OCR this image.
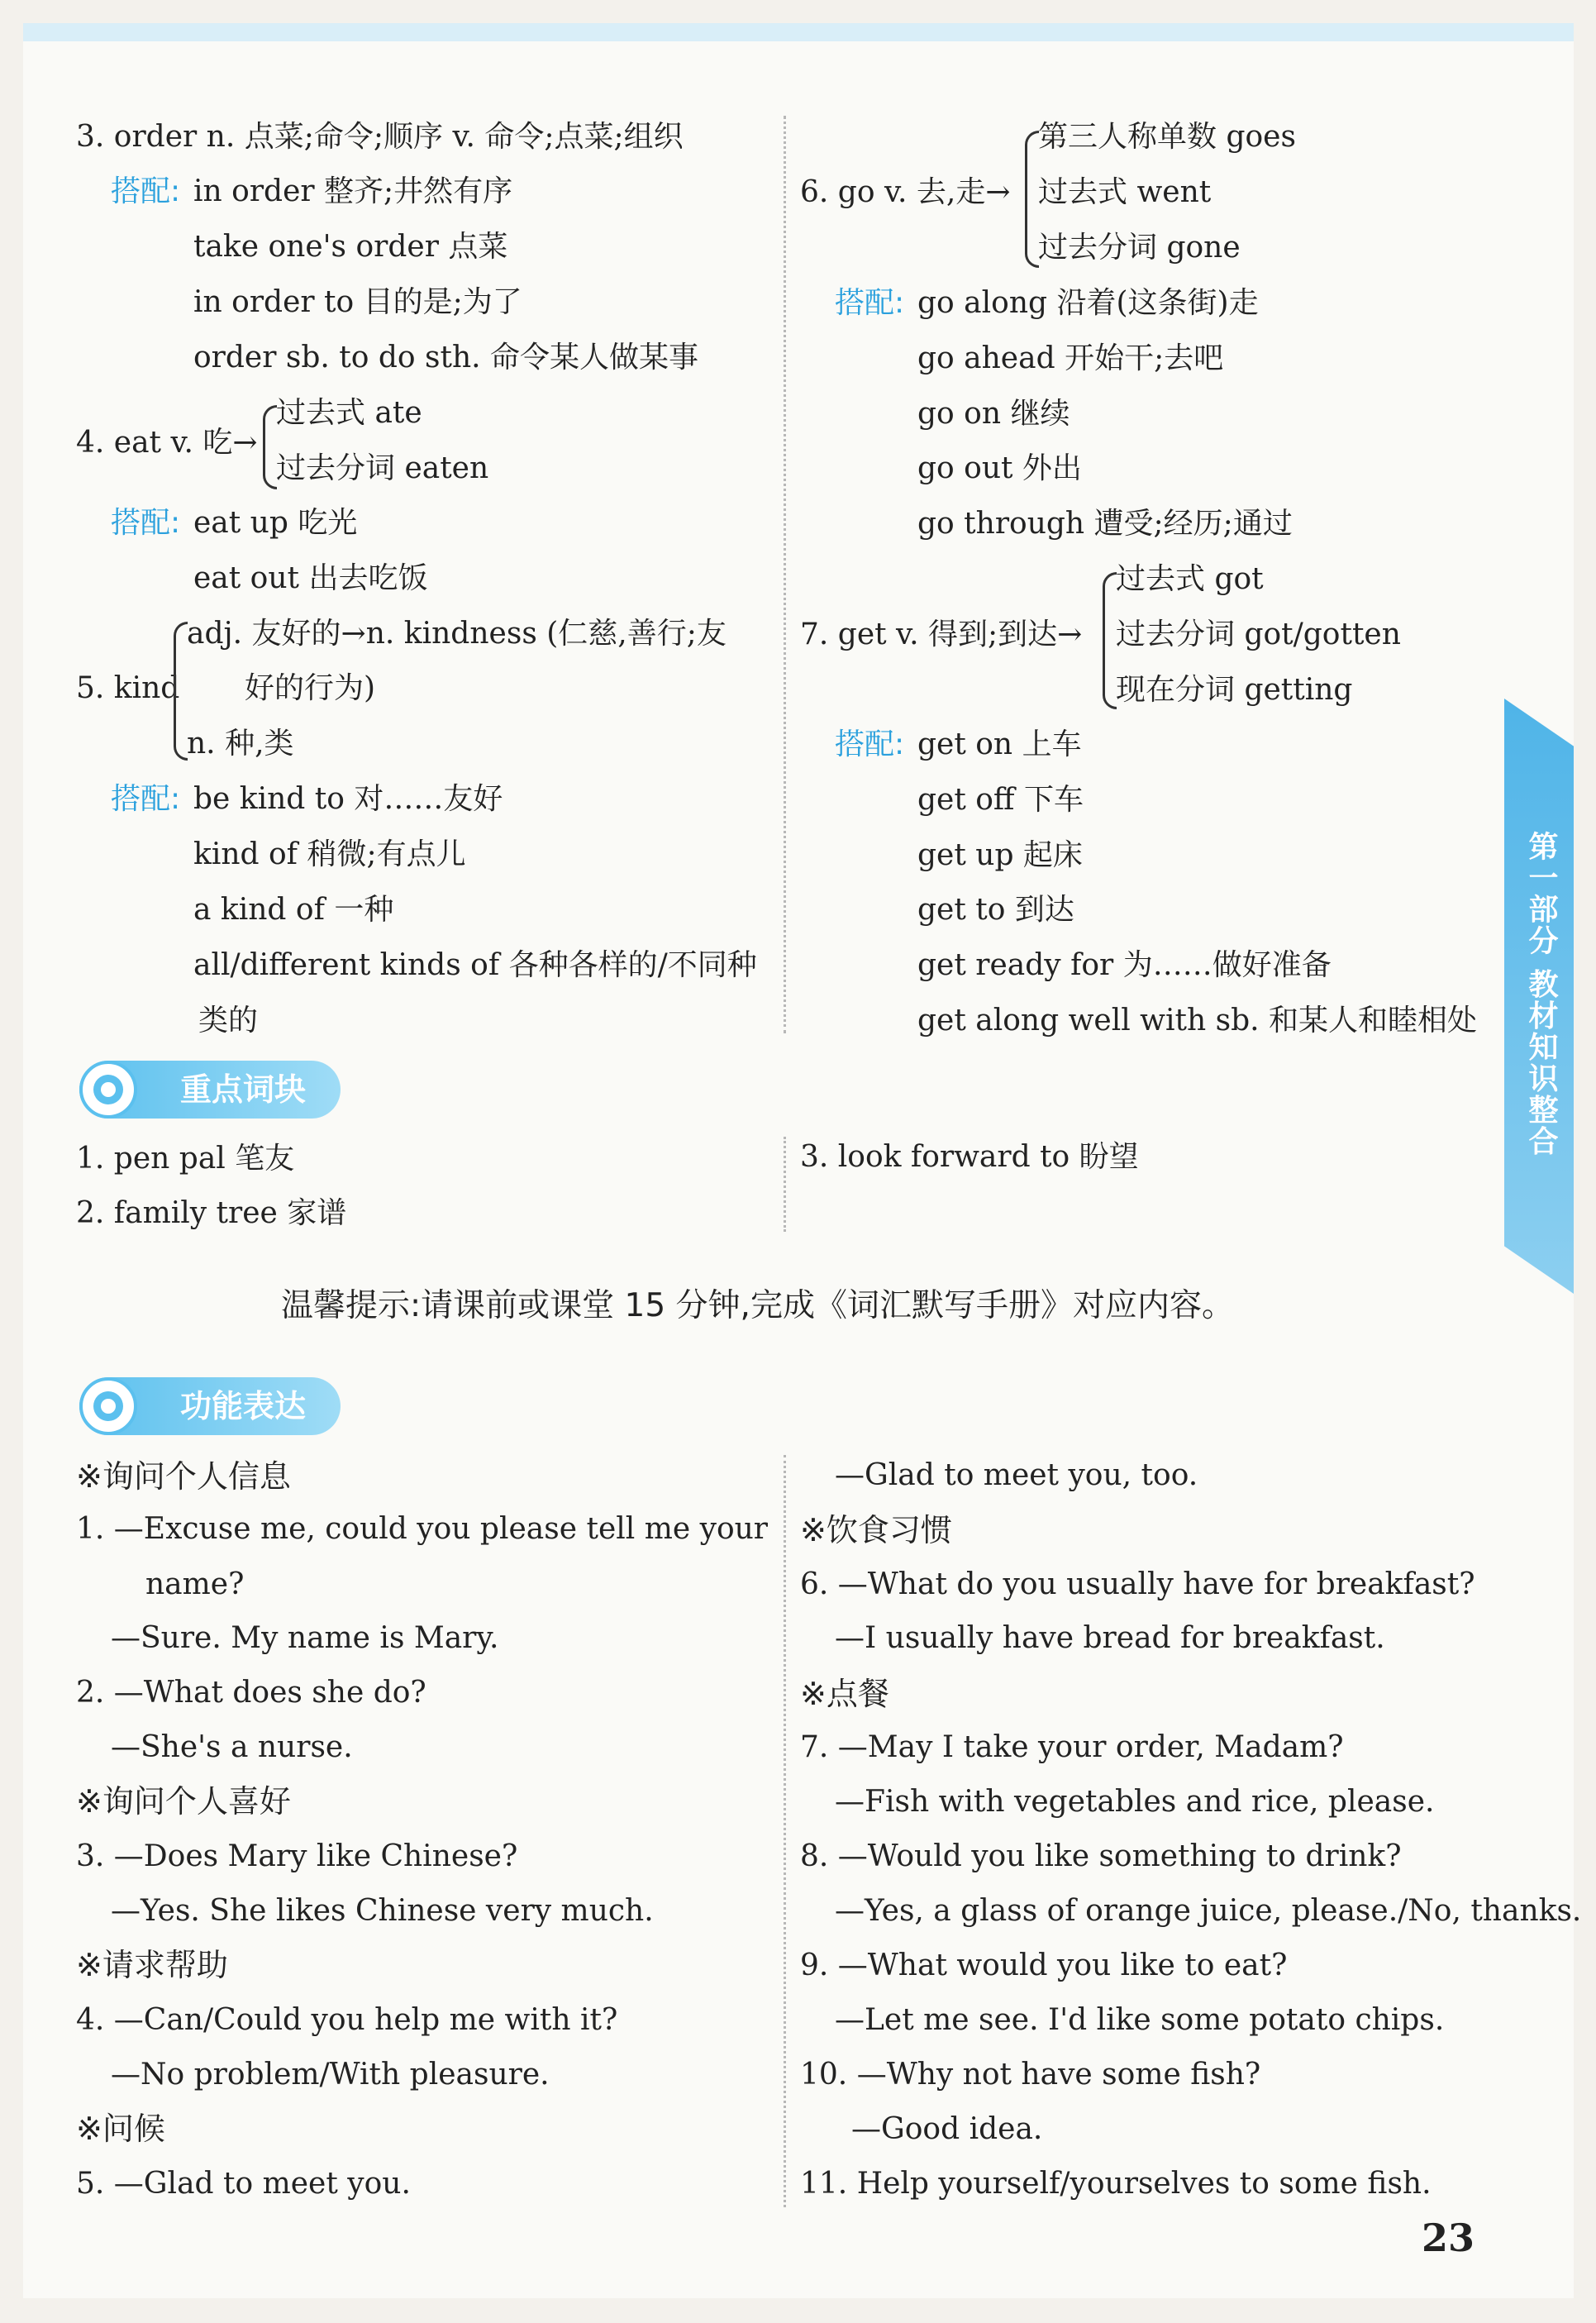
3. order n. 点菜;命令;顺序 v. 命令;点菜;组织
搭配: in order 整齐;井然有序
take one's order 点菜
in order to 目的是;为了
order sb. to do sth. 命令某人做某事
4. eat v. 吃→
过去式 ate
过去分词 eaten
搭配: eat up 吃光
eat out 出去吃饭
5. kind
adj. 友好的→n. kindness (仁慈,善行;友
好的行为)
n. 种,类
搭配: be kind to 对……友好
kind of 稍微;有点儿
a kind of 一种
all/different kinds of 各种各样的/不同种
类的
6. go v. 去,走→
第三人称单数 goes
过去式 went
过去分词 gone
搭配: go along 沿着(这条街)走
go ahead 开始干;去吧
go on 继续
go out 外出
go through 遭受;经历;通过
7. get v. 得到;到达→
过去式 got
过去分词 got/gotten
现在分词 getting
搭配: get on 上车
get off 下车
get up 起床
get to 到达
get ready for 为……做好准备
get along well with sb. 和某人和睦相处
重点词块
1. pen pal 笔友
2. family tree 家谱
3. look forward to 盼望
温馨提示:请课前或课堂 15 分钟,完成《词汇默写手册》对应内容。
功能表达
※询问个人信息
1. —Excuse me, could you please tell me your
name?
—Sure. My name is Mary.
2. —What does she do?
—She's a nurse.
※询问个人喜好
3. —Does Mary like Chinese?
—Yes. She likes Chinese very much.
※请求帮助
4. —Can/Could you help me with it?
—No problem/With pleasure.
※问候
5. —Glad to meet you.
—Glad to meet you, too.
※饮食习惯
6. —What do you usually have for breakfast?
—I usually have bread for breakfast.
※点餐
7. —May I take your order, Madam?
—Fish with vegetables and rice, please.
8. —Would you like something to drink?
—Yes, a glass of orange juice, please./No, thanks.
9. —What would you like to eat?
—Let me see. I'd like some potato chips.
10. —Why not have some fish?
—Good idea.
11. Help yourself/yourselves to some fish.
第一部分 教材知识整合
23
